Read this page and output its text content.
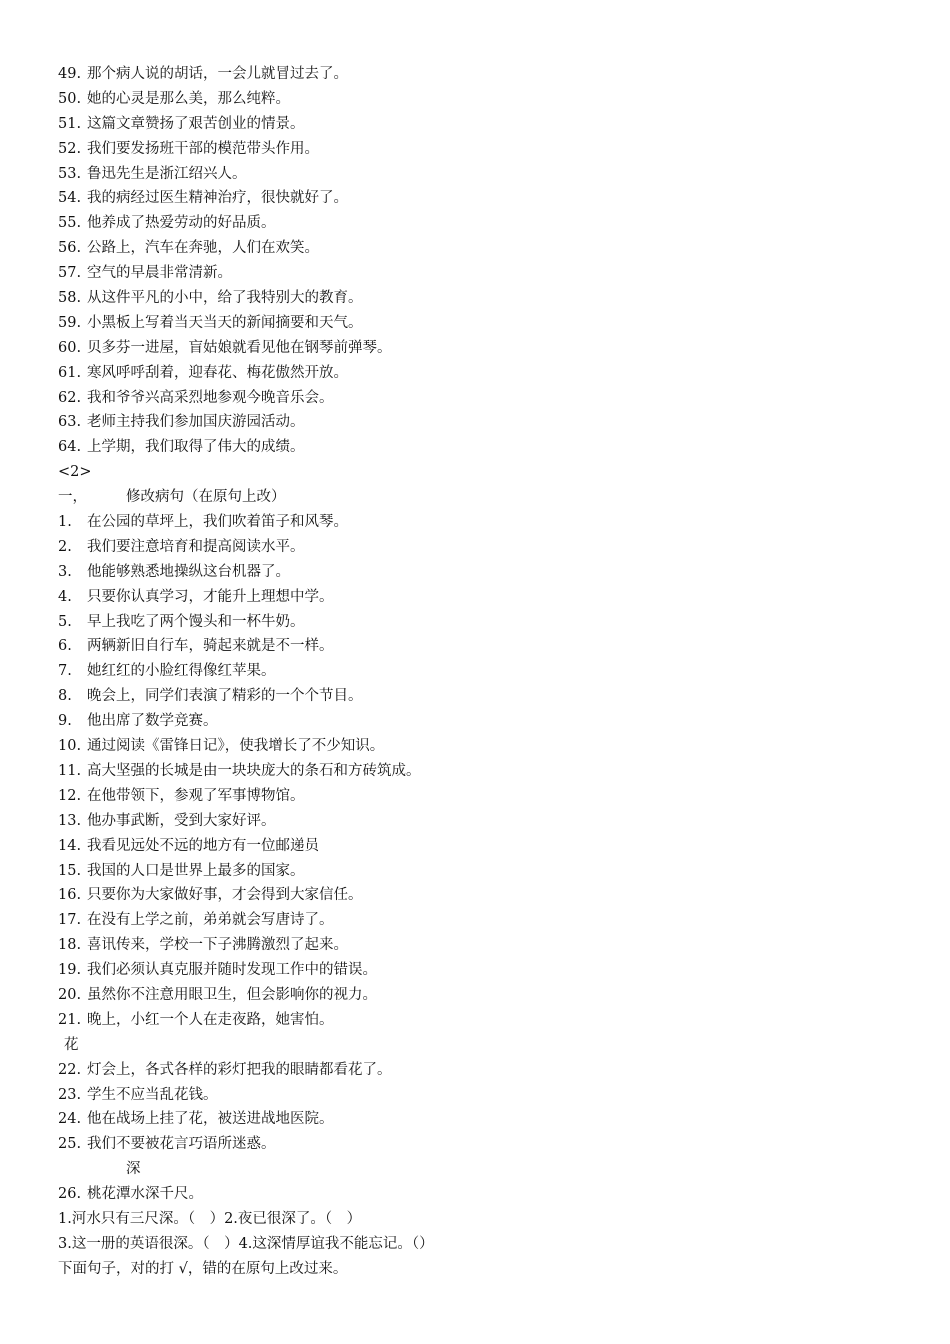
49. 那个病人说的胡话，一会儿就冒过去了。
50. 她的心灵是那么美，那么纯粹。
51. 这篇文章赞扬了艰苦创业的情景。
52. 我们要发扬班干部的模范带头作用。
53. 鲁迅先生是浙江绍兴人。
54. 我的病经过医生精神治疗，很快就好了。
55. 他养成了热爱劳动的好品质。
56. 公路上，汽车在奔驰，人们在欢笑。
57. 空气的早晨非常清新。
58. 从这件平凡的小中，给了我特别大的教育。
59. 小黑板上写着当天当天的新闻摘要和天气。
60. 贝多芬一进屋，盲姑娘就看见他在钢琴前弹琴。
61. 寒风呼呼刮着，迎春花、梅花傲然开放。
62. 我和爷爷兴高采烈地参观今晚音乐会。
63. 老师主持我们参加国庆游园活动。
64. 上学期，我们取得了伟大的成绩。
<2>
一，	修改病句（在原句上改）
1. 在公园的草坪上，我们吹着笛子和风琴。
2. 我们要注意培育和提高阅读水平。
3. 他能够熟悉地操纵这台机器了。
4. 只要你认真学习，才能升上理想中学。
5. 早上我吃了两个馒头和一杯牛奶。
6. 两辆新旧自行车，骑起来就是不一样。
7. 她红红的小脸红得像红苹果。
8. 晚会上，同学们表演了精彩的一个个节目。
9. 他出席了数学竞赛。
10. 通过阅读《雷锋日记》，使我增长了不少知识。
11. 高大坚强的长城是由一块块庞大的条石和方砖筑成。
12. 在他带领下，参观了军事博物馆。
13. 他办事武断，受到大家好评。
14. 我看见远处不远的地方有一位邮递员
15. 我国的人口是世界上最多的国家。
16. 只要你为大家做好事，才会得到大家信任。
17. 在没有上学之前，弟弟就会写唐诗了。
18. 喜讯传来，学校一下子沸腾激烈了起来。
19. 我们必须认真克服并随时发现工作中的错误。
20. 虽然你不注意用眼卫生，但会影响你的视力。
21. 晚上，小红一个人在走夜路，她害怕。
花
22. 灯会上，各式各样的彩灯把我的眼睛都看花了。
23. 学生不应当乱花钱。
24. 他在战场上挂了花，被送进战地医院。
25. 我们不要被花言巧语所迷惑。
深
26. 桃花潭水深千尺。
1.河水只有三尺深。（　）2.夜已很深了。（　）
3.这一册的英语很深。（　）4.这深情厚谊我不能忘记。（）
下面句子，对的打 √，错的在原句上改过来。
